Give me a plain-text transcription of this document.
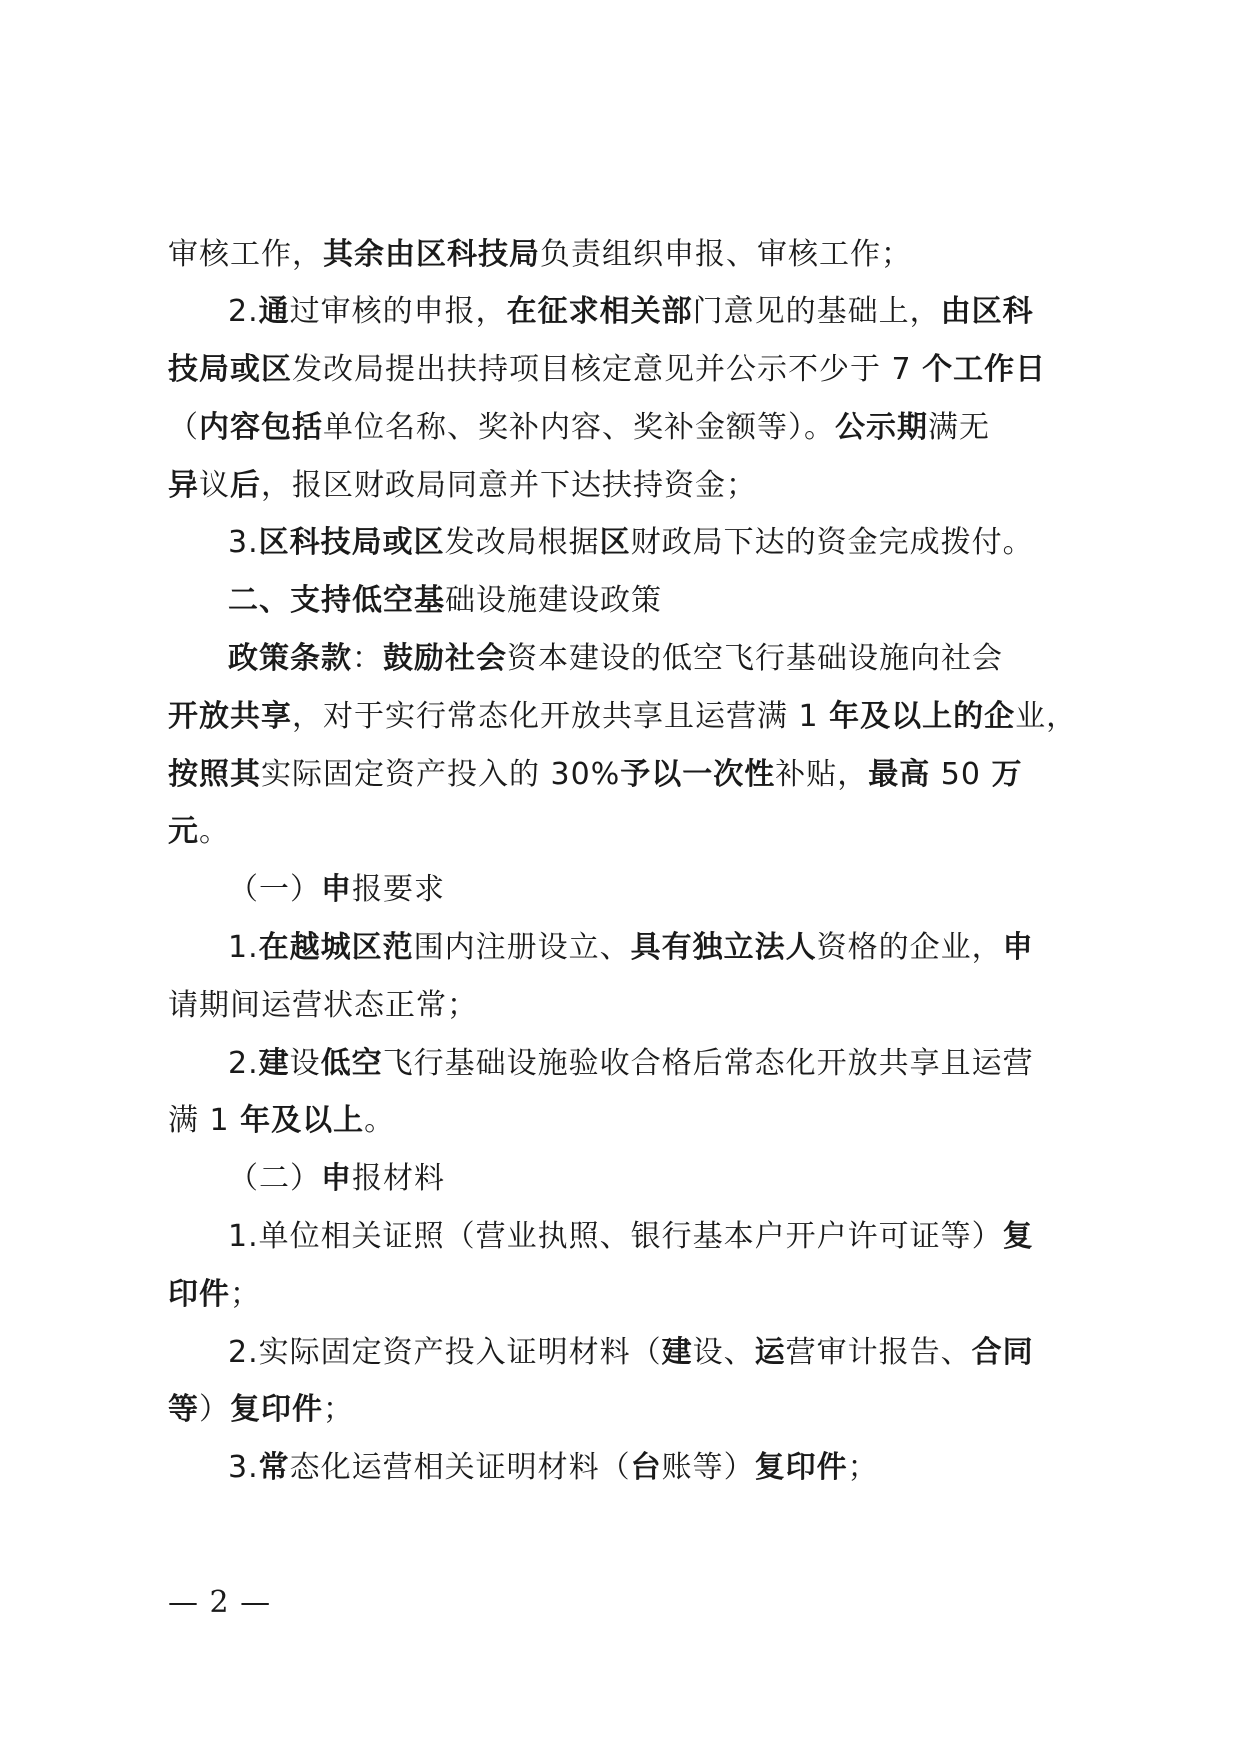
审核工作，其余由区科技局负责组织申报、审核工作；
2.通过审核的申报，在征求相关部门意见的基础上，由区科
技局或区发改局提出扶持项目核定意见并公示不少于 7 个工作日
（内容包括单位名称、奖补内容、奖补金额等）。公示期满无
异议后，报区财政局同意并下达扶持资金；
3.区科技局或区发改局根据区财政局下达的资金完成拨付。
二、支持低空基础设施建设政策
政策条款：鼓励社会资本建设的低空飞行基础设施向社会
开放共享，对于实行常态化开放共享且运营满 1 年及以上的企业，
按照其实际固定资产投入的 30%予以一次性补贴，最高 50 万
元。
（一）申报要求
1.在越城区范围内注册设立、具有独立法人资格的企业，申
请期间运营状态正常；
2.建设低空飞行基础设施验收合格后常态化开放共享且运营
满 1 年及以上。
（二）申报材料
1.单位相关证照（营业执照、银行基本户开户许可证等）复
印件；
2.实际固定资产投入证明材料（建设、运营审计报告、合同
等）复印件；
3.常态化运营相关证明材料（台账等）复印件；
— 2 —
